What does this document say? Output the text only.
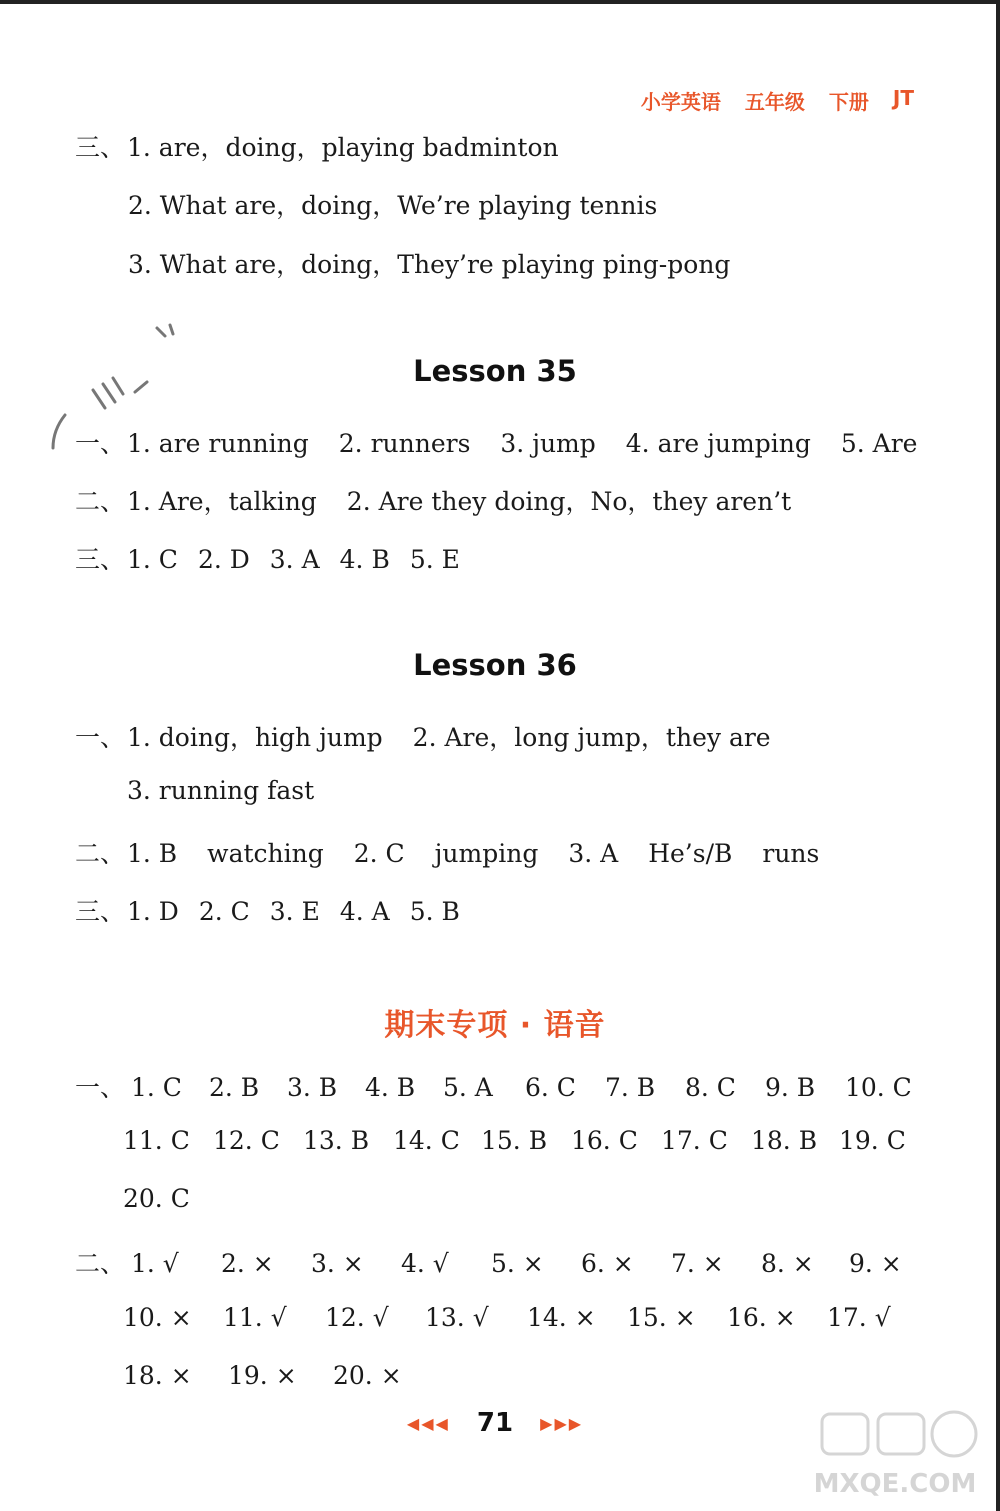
小学英语 五年级 下册 JT
三、1. are，doing，playing badminton
2. What are，doing，We’re playing tennis
3. What are，doing，They’re playing ping-pong
Lesson 35
一、1. are running 2. runners 3. jump 4. are jumping 5. Are
二、1. Are，talking 2. Are they doing，No，they aren’t
三、1. C 2. D 3. A 4. B 5. E
Lesson 36
一、1. doing，high jump 2. Are，long jump，they are
3. running fast
二、1. B watching 2. C jumping 3. A He’s/B runs
三、1. D 2. C 3. E 4. A 5. B
期末专项 · 语音
一、 1. C 2. B 3. B 4. B 5. A 6. C 7. B 8. C 9. B 10. C
11. C 12. C 13. B 14. C 15. B 16. C 17. C 18. B 19. C
20. C
二、 1. √ 2. × 3. × 4. √ 5. × 6. × 7. × 8. × 9. ×
10. × 11. √ 12. √ 13. √ 14. × 15. × 16. × 17. √
18. × 19. × 20. ×
◀◀◀ 71 ▶▶▶
MXQE.COM
